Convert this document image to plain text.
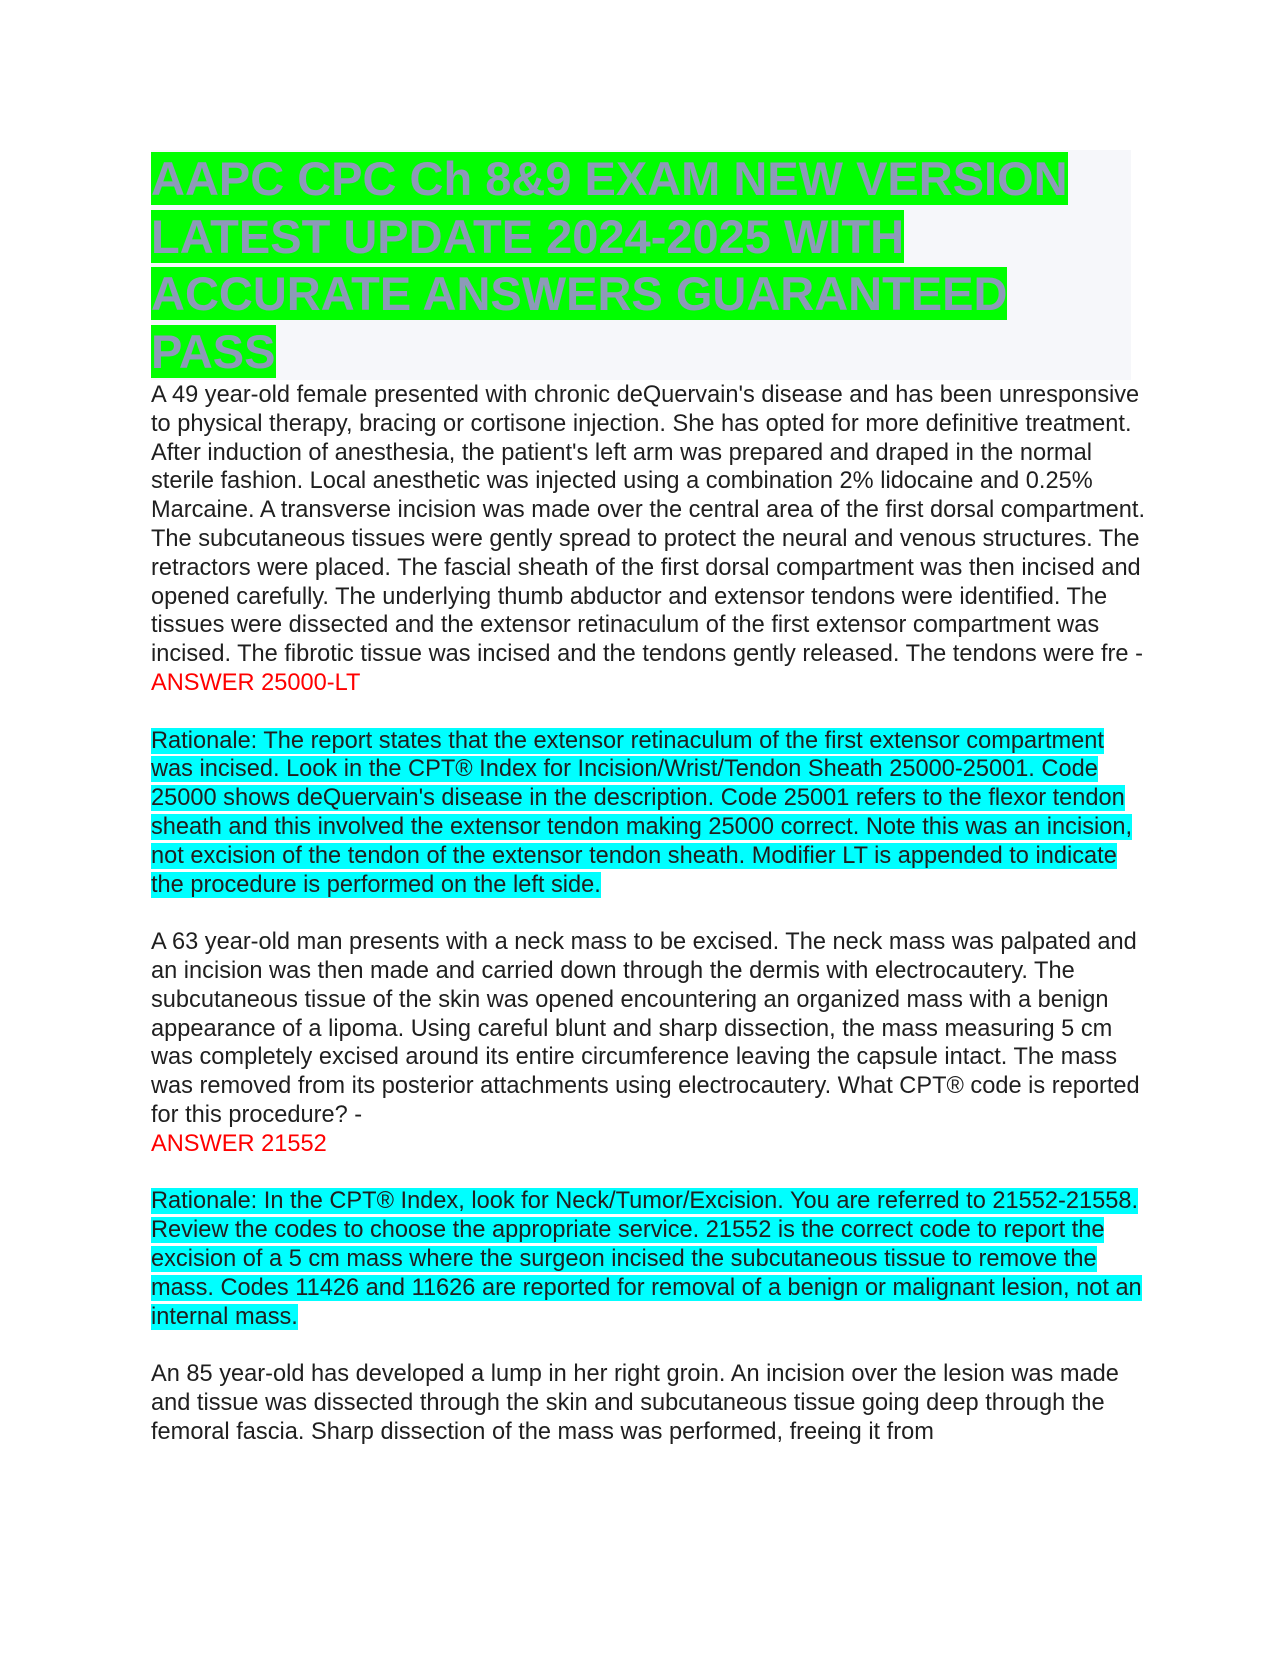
AAPC CPC Ch 8&9 EXAM NEW VERSION LATEST UPDATE 2024-2025 WITH ACCURATE ANSWERS GUARANTEED PASS

A 49 year-old female presented with chronic deQuervain's disease and has been unresponsive to physical therapy, bracing or cortisone injection. She has opted for more definitive treatment. After induction of anesthesia, the patient's left arm was prepared and draped in the normal sterile fashion. Local anesthetic was injected using a combination 2% lidocaine and 0.25% Marcaine. A transverse incision was made over the central area of the first dorsal compartment. The subcutaneous tissues were gently spread to protect the neural and venous structures. The retractors were placed. The fascial sheath of the first dorsal compartment was then incised and opened carefully. The underlying thumb abductor and extensor tendons were identified. The tissues were dissected and the extensor retinaculum of the first extensor compartment was incised. The fibrotic tissue was incised and the tendons gently released. The tendons were fre -
ANSWER 25000-LT

Rationale: The report states that the extensor retinaculum of the first extensor compartment was incised. Look in the CPT® Index for Incision/Wrist/Tendon Sheath 25000-25001. Code 25000 shows deQuervain's disease in the description. Code 25001 refers to the flexor tendon sheath and this involved the extensor tendon making 25000 correct. Note this was an incision, not excision of the tendon of the extensor tendon sheath. Modifier LT is appended to indicate the procedure is performed on the left side.

A 63 year-old man presents with a neck mass to be excised. The neck mass was palpated and an incision was then made and carried down through the dermis with electrocautery. The subcutaneous tissue of the skin was opened encountering an organized mass with a benign appearance of a lipoma. Using careful blunt and sharp dissection, the mass measuring 5 cm was completely excised around its entire circumference leaving the capsule intact. The mass was removed from its posterior attachments using electrocautery. What CPT® code is reported for this procedure? -
ANSWER 21552

Rationale: In the CPT® Index, look for Neck/Tumor/Excision. You are referred to 21552-21558. Review the codes to choose the appropriate service. 21552 is the correct code to report the excision of a 5 cm mass where the surgeon incised the subcutaneous tissue to remove the mass. Codes 11426 and 11626 are reported for removal of a benign or malignant lesion, not an internal mass.

An 85 year-old has developed a lump in her right groin. An incision over the lesion was made and tissue was dissected through the skin and subcutaneous tissue going deep through the femoral fascia. Sharp dissection of the mass was performed, freeing it from
